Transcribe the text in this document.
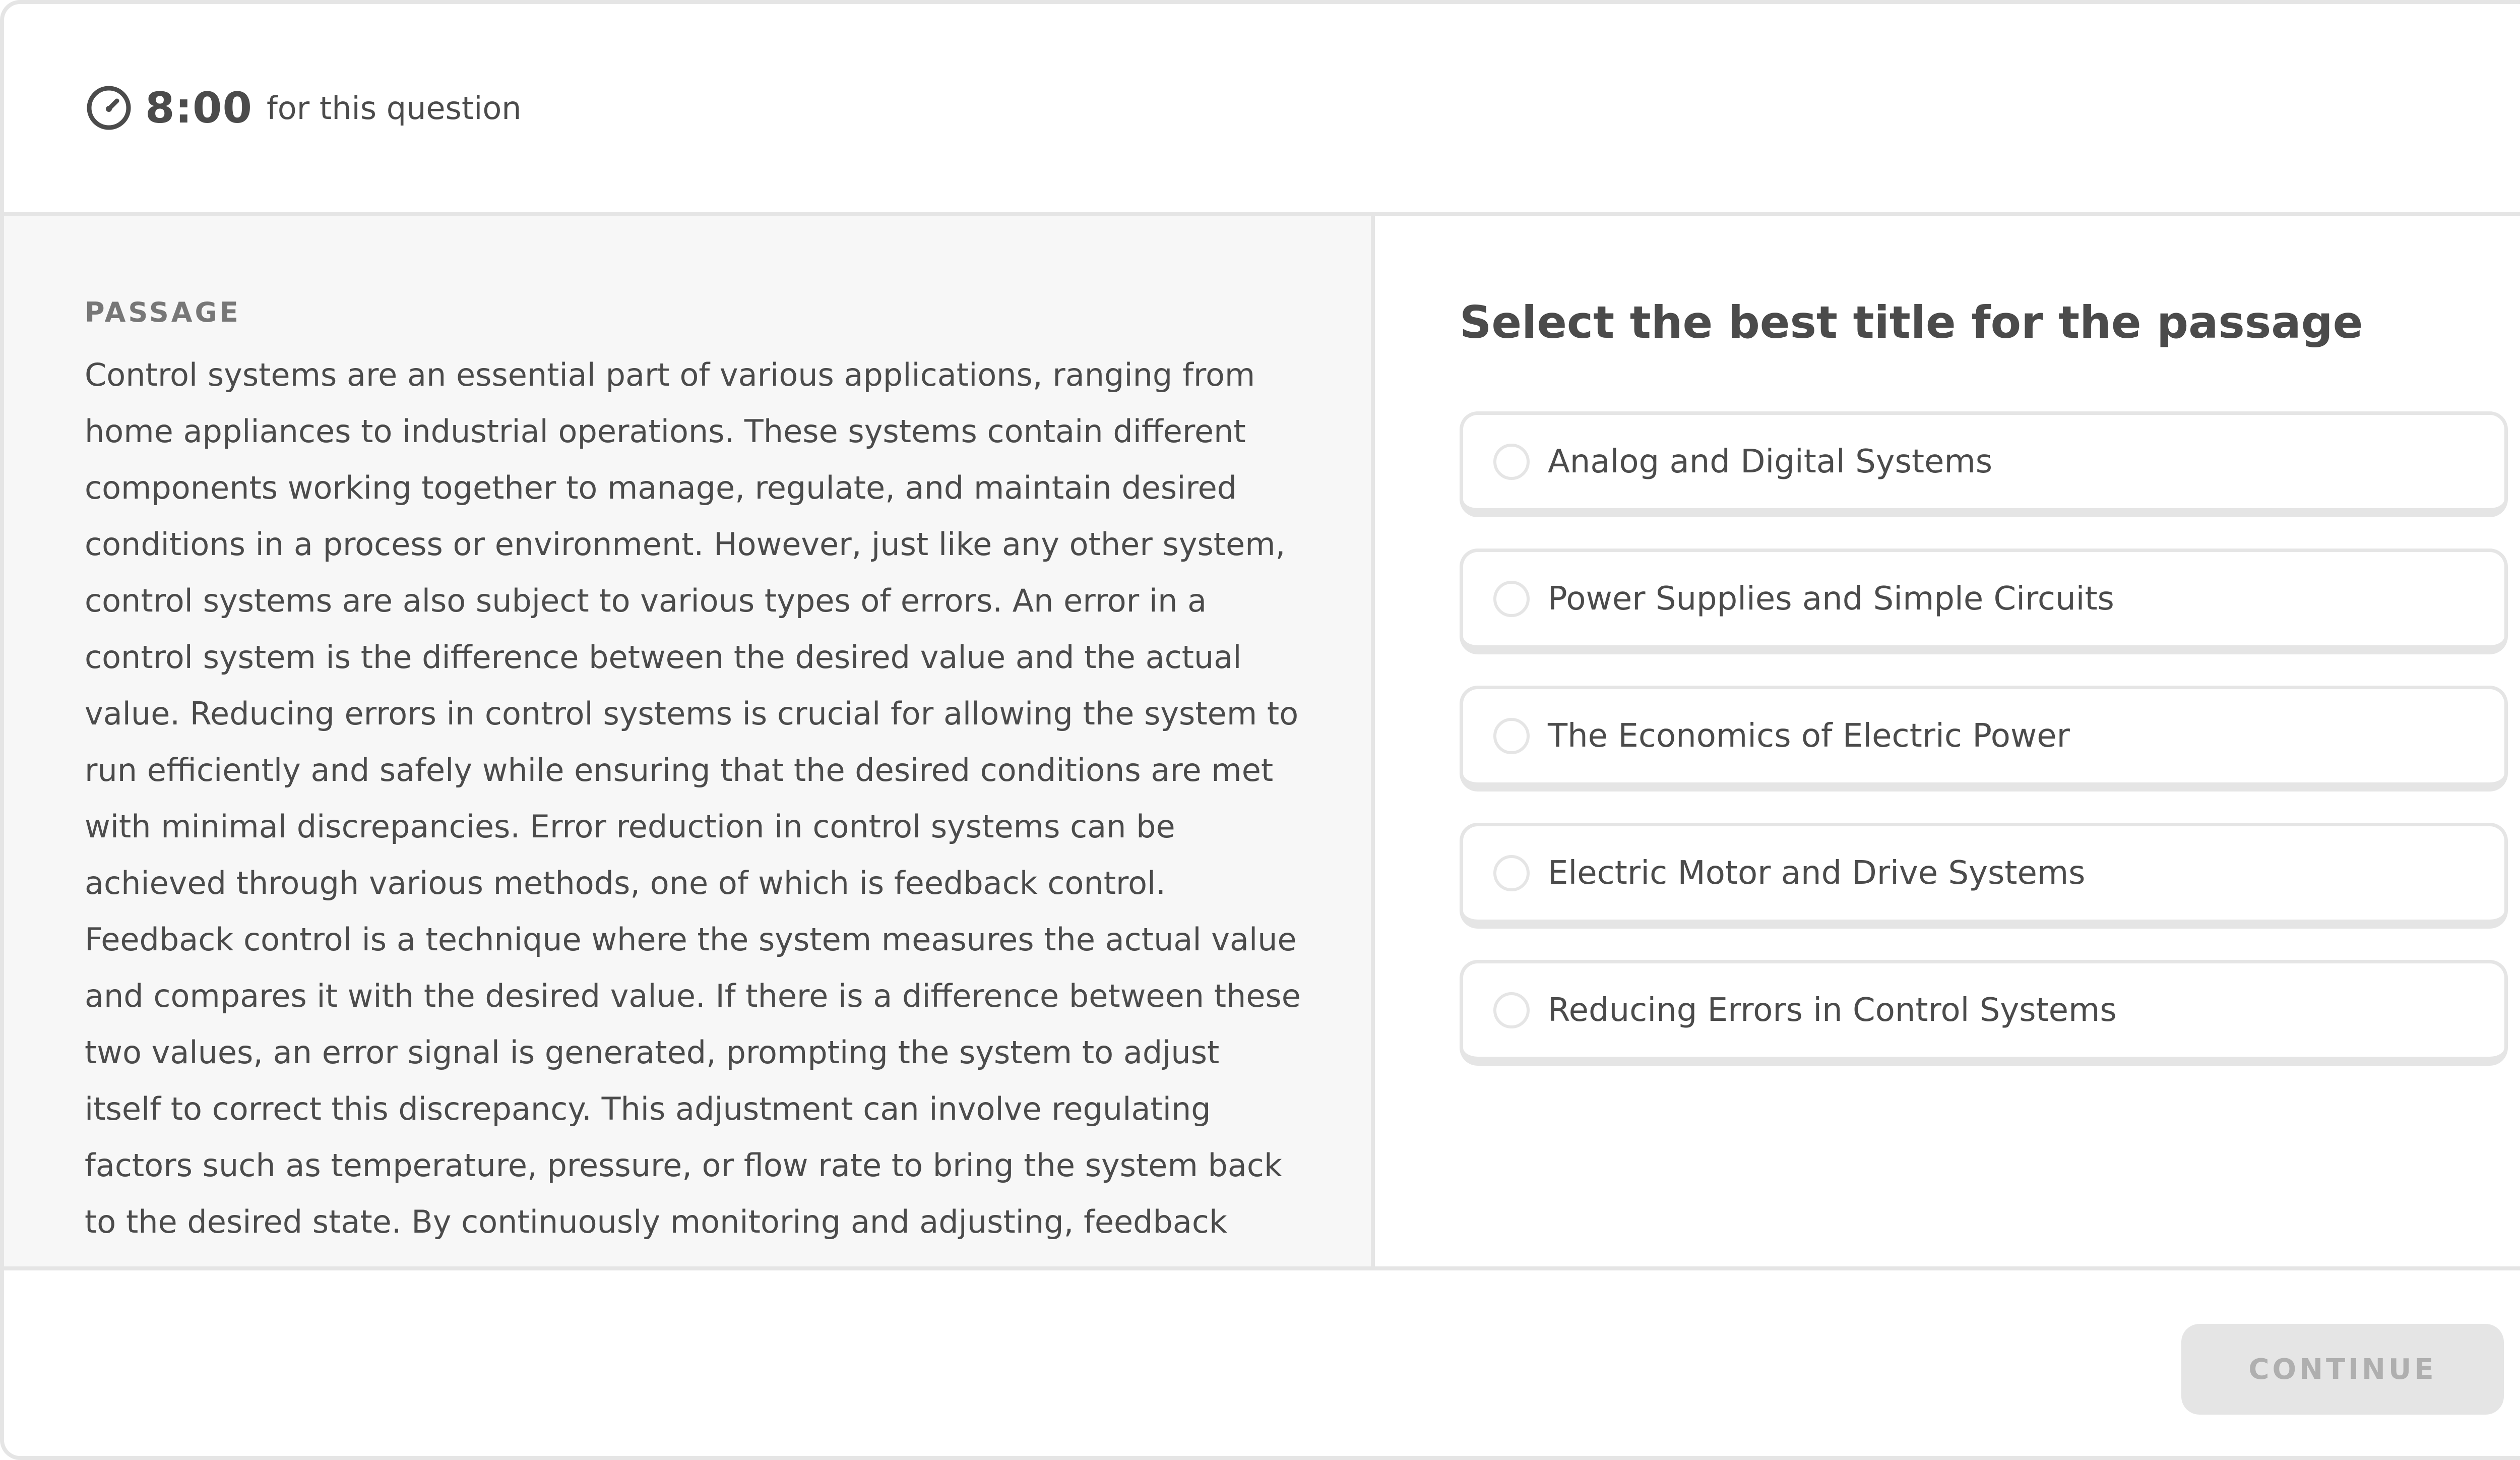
8:00 for this question
PASSAGE

Control systems are an essential part of various applications, ranging from home appliances to industrial operations. These systems contain different components working together to manage, regulate, and maintain desired conditions in a process or environment. However, just like any other system, control systems are also subject to various types of errors. An error in a control system is the difference between the desired value and the actual value. Reducing errors in control systems is crucial for allowing the system to run efficiently and safely while ensuring that the desired conditions are met with minimal discrepancies. Error reduction in control systems can be achieved through various methods, one of which is feedback control. Feedback control is a technique where the system measures the actual value and compares it with the desired value. If there is a difference between these two values, an error signal is generated, prompting the system to adjust itself to correct this discrepancy. This adjustment can involve regulating factors such as temperature, pressure, or flow rate to bring the system back to the desired state. By continuously monitoring and adjusting, feedback

Select the best title for the passage
Analog and Digital Systems
Power Supplies and Simple Circuits
The Economics of Electric Power
Electric Motor and Drive Systems
Reducing Errors in Control Systems
CONTINUE
